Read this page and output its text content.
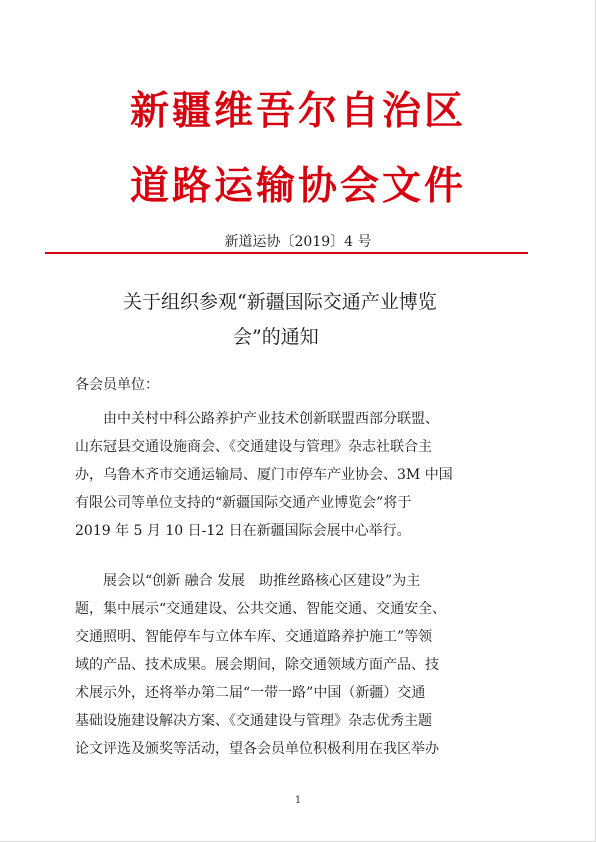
新疆维吾尔自治区
道路运输协会文件
新道运协〔2019〕4 号
关于组织参观“新疆国际交通产业博览
会”的通知
各会员单位：
由中关村中科公路养护产业技术创新联盟西部分联盟、
山东冠县交通设施商会、《交通建设与管理》杂志社联合主
办，乌鲁木齐市交通运输局、厦门市停车产业协会、3M 中国
有限公司等单位支持的“新疆国际交通产业博览会”将于
2019 年 5 月 10 日-12 日在新疆国际会展中心举行。
展会以“创新 融合 发展　助推丝路核心区建设”为主
题，集中展示“交通建设、公共交通、智能交通、交通安全、
交通照明、智能停车与立体车库、交通道路养护施工”等领
域的产品、技术成果。展会期间，除交通领域方面产品、技
术展示外，还将举办第二届“一带一路”中国（新疆）交通
基础设施建设解决方案、《交通建设与管理》杂志优秀主题
论文评选及颁奖等活动，望各会员单位积极利用在我区举办
1
